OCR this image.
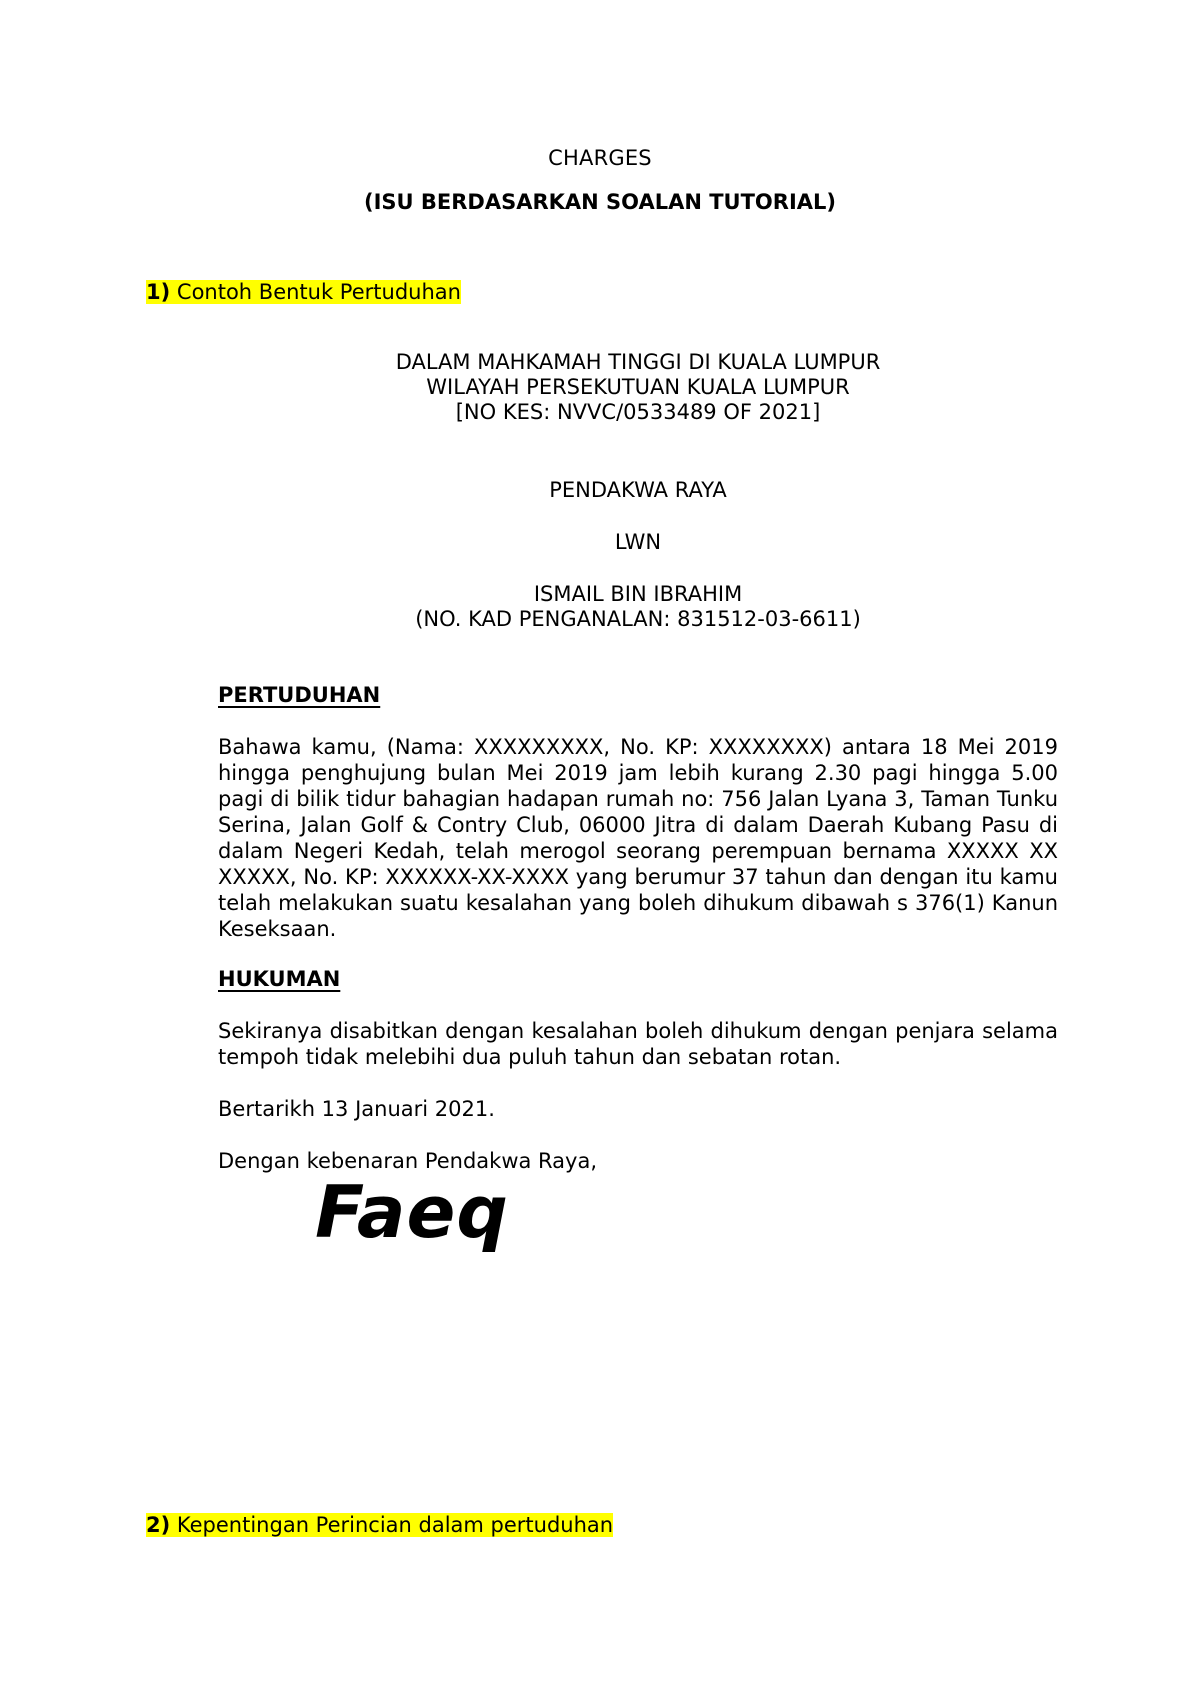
CHARGES
(ISU BERDASARKAN SOALAN TUTORIAL)
1) Contoh Bentuk Pertuduhan
DALAM MAHKAMAH TINGGI DI KUALA LUMPUR
WILAYAH PERSEKUTUAN KUALA LUMPUR
[NO KES: NVVC/0533489 OF 2021]
PENDAKWA RAYA
LWN
ISMAIL BIN IBRAHIM
(NO. KAD PENGANALAN: 831512-03-6611)
PERTUDUHAN
Bahawa kamu, (Nama: XXXXXXXXX, No. KP: XXXXXXXX) antara 18 Mei 2019 hingga penghujung bulan Mei 2019 jam lebih kurang 2.30 pagi hingga 5.00 pagi di bilik tidur bahagian hadapan rumah no: 756 Jalan Lyana 3, Taman Tunku Serina, Jalan Golf & Contry Club, 06000 Jitra di dalam Daerah Kubang Pasu di dalam Negeri Kedah, telah merogol seorang perempuan bernama XXXXX XX XXXXX, No. KP: XXXXXX-XX-XXXX yang berumur 37 tahun dan dengan itu kamu telah melakukan suatu kesalahan yang boleh dihukum dibawah s 376(1) Kanun Keseksaan.
HUKUMAN
Sekiranya disabitkan dengan kesalahan boleh dihukum dengan penjara selama tempoh tidak melebihi dua puluh tahun dan sebatan rotan.
Bertarikh 13 Januari 2021.
Dengan kebenaran Pendakwa Raya,
Faeq
2) Kepentingan Perincian dalam pertuduhan
